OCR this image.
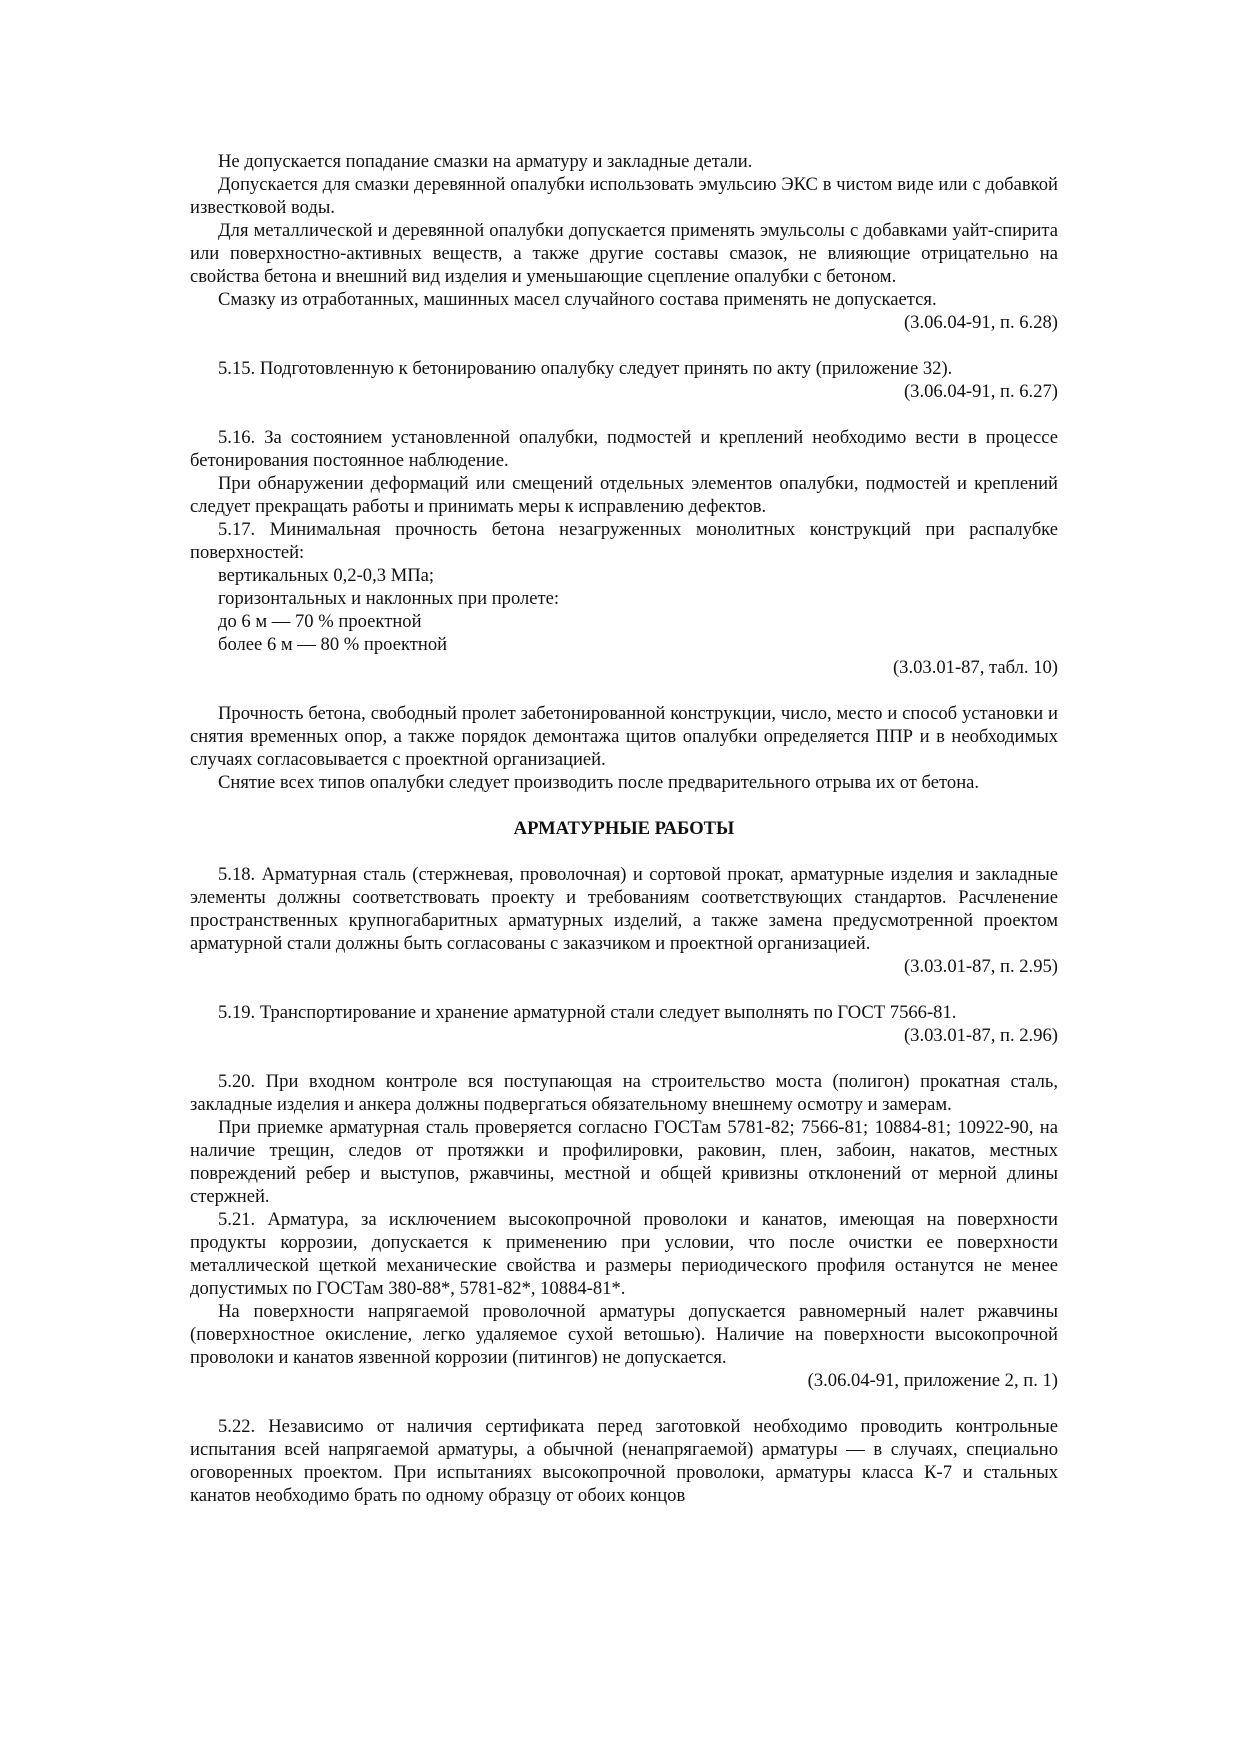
Не допускается попадание смазки на арматуру и закладные детали.

Допускается для смазки деревянной опалубки использовать эмульсию ЭКС в чистом виде или с добавкой известковой воды.

Для металлической и деревянной опалубки допускается применять эмульсолы с добавками уайт-спирита или поверхностно-активных веществ, а также другие составы смазок, не влияющие отрицательно на свойства бетона и внешний вид изделия и уменьшающие сцепление опалубки с бетоном.

Смазку из отработанных, машинных масел случайного состава применять не допускается.

(3.06.04-91, п. 6.28)

5.15. Подготовленную к бетонированию опалубку следует принять по акту (приложение 32).

(3.06.04-91, п. 6.27)

5.16. За состоянием установленной опалубки, подмостей и креплений необходимо вести в процессе бетонирования постоянное наблюдение.

При обнаружении деформаций или смещений отдельных элементов опалубки, подмостей и креплений следует прекращать работы и принимать меры к исправлению дефектов.

5.17. Минимальная прочность бетона незагруженных монолитных конструкций при распалубке поверхностей:

вертикальных 0,2-0,3 МПа;

горизонтальных и наклонных при пролете:

до 6 м — 70 % проектной

более 6 м — 80 % проектной

(3.03.01-87, табл. 10)

Прочность бетона, свободный пролет забетонированной конструкции, число, место и способ установки и снятия временных опор, а также порядок демонтажа щитов опалубки определяется ППР и в необходимых случаях согласовывается с проектной организацией.

Снятие всех типов опалубки следует производить после предварительного отрыва их от бетона.

АРМАТУРНЫЕ РАБОТЫ

5.18. Арматурная сталь (стержневая, проволочная) и сортовой прокат, арматурные изделия и закладные элементы должны соответствовать проекту и требованиям соответствующих стандартов. Расчленение пространственных крупногабаритных арматурных изделий, а также замена предусмотренной проектом арматурной стали должны быть согласованы с заказчиком и проектной организацией.

(3.03.01-87, п. 2.95)

5.19. Транспортирование и хранение арматурной стали следует выполнять по ГОСТ 7566-81.

(3.03.01-87, п. 2.96)

5.20. При входном контроле вся поступающая на строительство моста (полигон) прокатная сталь, закладные изделия и анкера должны подвергаться обязательному внешнему осмотру и замерам.

При приемке арматурная сталь проверяется согласно ГОСТам 5781-82; 7566-81; 10884-81; 10922-90, на наличие трещин, следов от протяжки и профилировки, раковин, плен, забоин, накатов, местных повреждений ребер и выступов, ржавчины, местной и общей кривизны отклонений от мерной длины стержней.

5.21. Арматура, за исключением высокопрочной проволоки и канатов, имеющая на поверхности продукты коррозии, допускается к применению при условии, что после очистки ее поверхности металлической щеткой механические свойства и размеры периодического профиля останутся не менее допустимых по ГОСТам 380-88*, 5781-82*, 10884-81*.

На поверхности напрягаемой проволочной арматуры допускается равномерный налет ржавчины (поверхностное окисление, легко удаляемое сухой ветошью). Наличие на поверхности высокопрочной проволоки и канатов язвенной коррозии (питингов) не допускается.

(3.06.04-91, приложение 2, п. 1)

5.22. Независимо от наличия сертификата перед заготовкой необходимо проводить контрольные испытания всей напрягаемой арматуры, а обычной (ненапрягаемой) арматуры — в случаях, специально оговоренных проектом. При испытаниях высокопрочной проволоки, арматуры класса К-7 и стальных канатов необходимо брать по одному образцу от обоих концов
